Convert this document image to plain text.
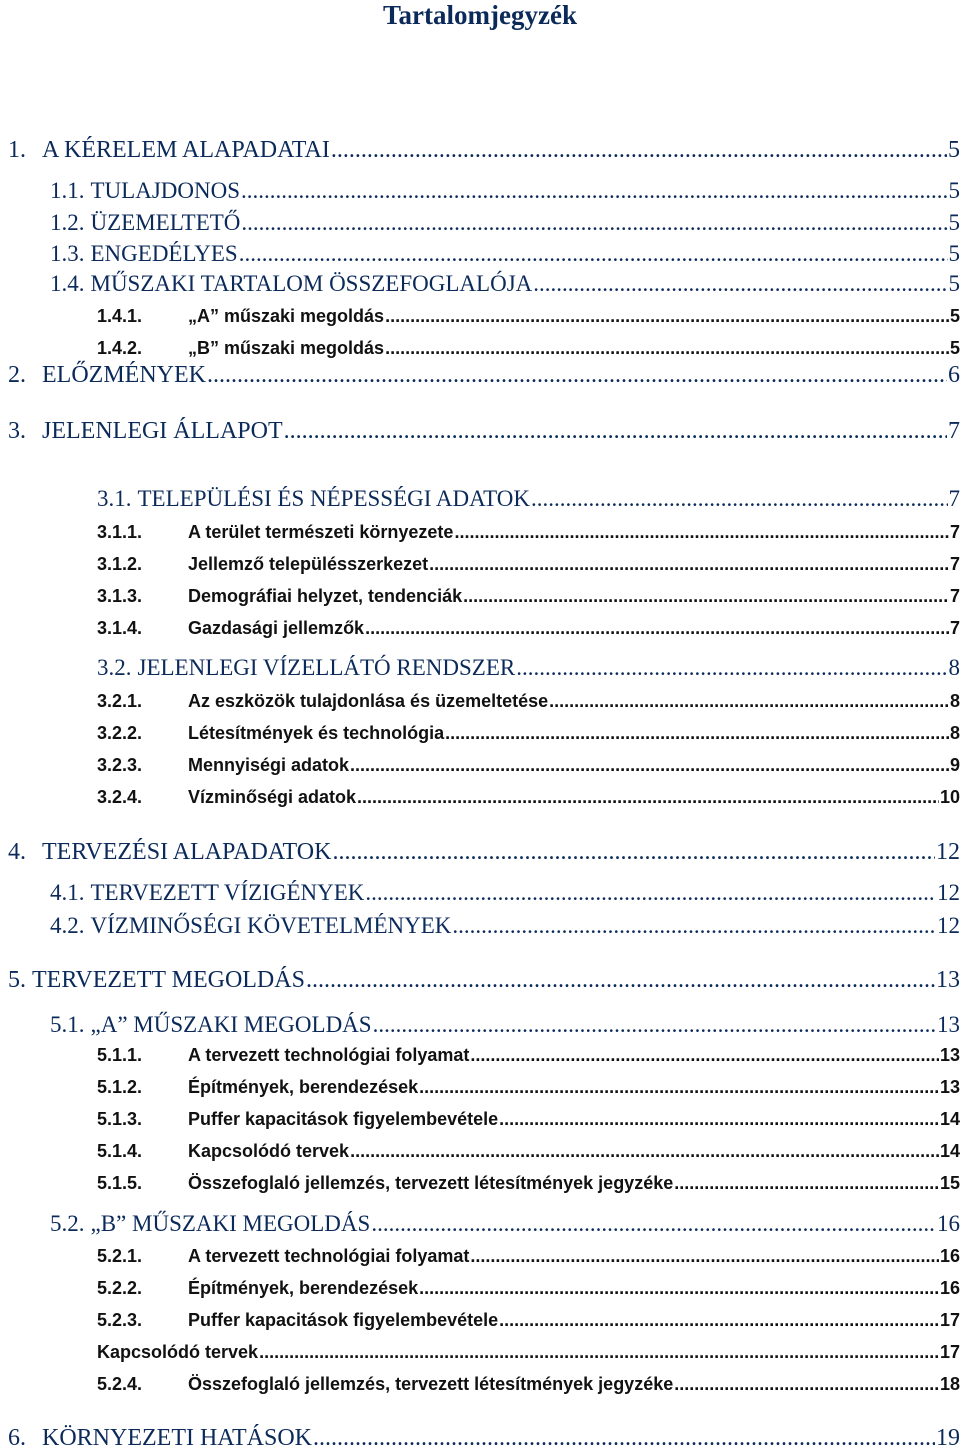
Tartalomjegyzék
1. A KÉRELEM ALAPADATAI .....	5
1.1. TULAJDONOS .....	5
1.2. ÜZEMELTETŐ .....	5
1.3. ENGEDÉLYES .....	5
1.4. MŰSZAKI TARTALOM ÖSSZEFOGLALÓJA .....	5
1.4.1.	„A” műszaki megoldás .....	5
1.4.2.	„B” műszaki megoldás .....	5
2. ELŐZMÉNYEK .....	6
3. JELENLEGI ÁLLAPOT .....	7
3.1. TELEPÜLÉSI ÉS NÉPESSÉGI ADATOK .....	7
3.1.1.	A terület természeti környezete .....	7
3.1.2.	Jellemző településszerkezet .....	7
3.1.3.	Demográfiai helyzet, tendenciák .....	7
3.1.4.	Gazdasági jellemzők .....	7
3.2. JELENLEGI VÍZELLÁTÓ RENDSZER .....	8
3.2.1.	Az eszközök tulajdonlása és üzemeltetése .....	8
3.2.2.	Létesítmények és technológia .....	8
3.2.3.	Mennyiségi adatok .....	9
3.2.4.	Vízminőségi adatok .....	10
4. TERVEZÉSI ALAPADATOK .....	12
4.1. TERVEZETT VÍZIGÉNYEK .....	12
4.2. VÍZMINŐSÉGI KÖVETELMÉNYEK .....	12
5. TERVEZETT MEGOLDÁS .....	13
5.1. „A” MŰSZAKI MEGOLDÁS .....	13
5.1.1.	A tervezett technológiai folyamat .....	13
5.1.2.	Építmények, berendezések .....	13
5.1.3.	Puffer kapacitások figyelembevétele .....	14
5.1.4.	Kapcsolódó tervek .....	14
5.1.5.	Összefoglaló jellemzés, tervezett létesítmények jegyzéke .....	15
5.2. „B” MŰSZAKI MEGOLDÁS .....	16
5.2.1.	A tervezett technológiai folyamat .....	16
5.2.2.	Építmények, berendezések .....	16
5.2.3.	Puffer kapacitások figyelembevétele .....	17
Kapcsolódó tervek .....	17
5.2.4.	Összefoglaló jellemzés, tervezett létesítmények jegyzéke .....	18
6. KÖRNYEZETI HATÁSOK .....	19
